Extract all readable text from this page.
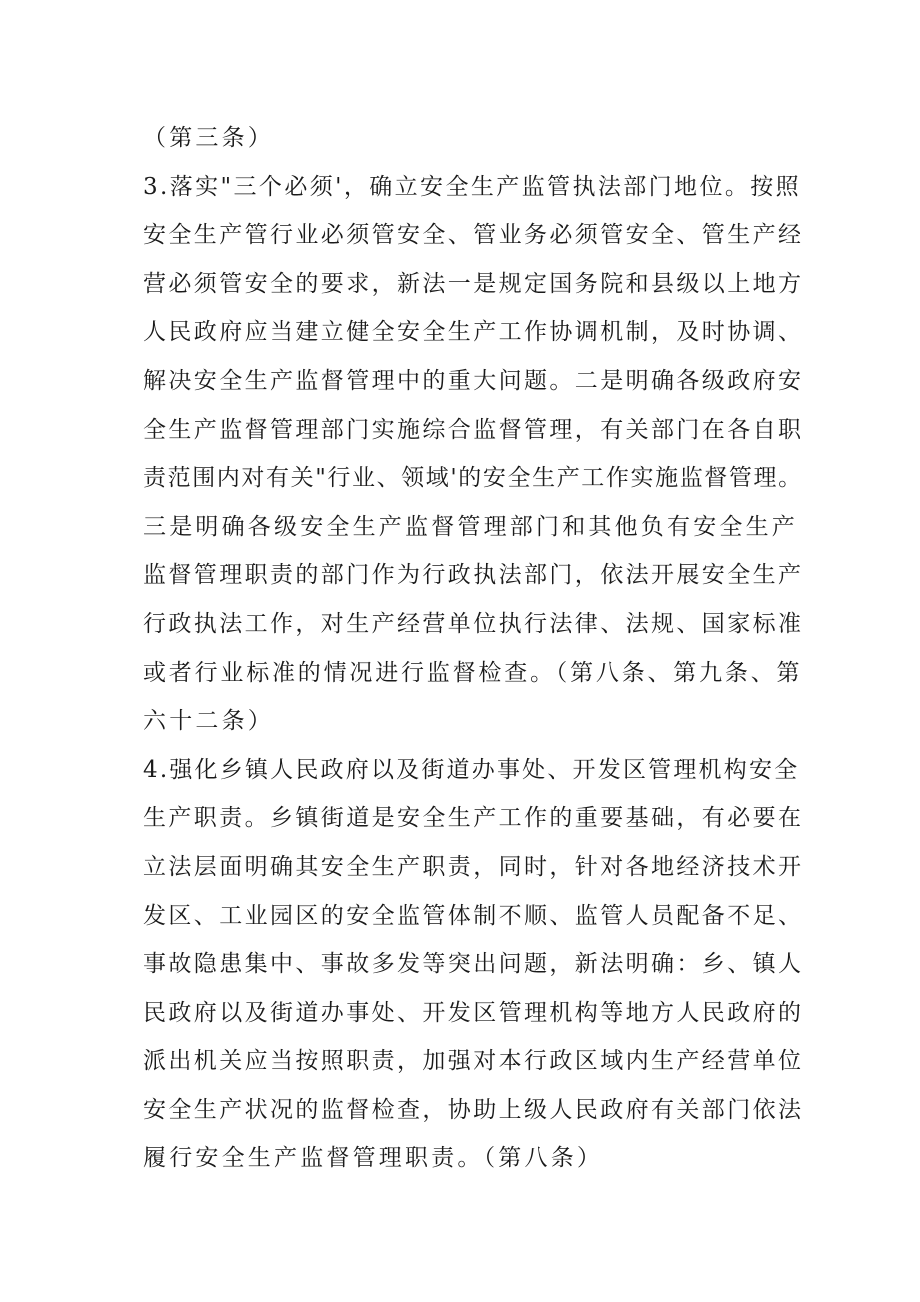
（第三条）
3.落实"三个必须'，确立安全生产监管执法部门地位。按照
安全生产管行业必须管安全、管业务必须管安全、管生产经
营必须管安全的要求，新法一是规定国务院和县级以上地方
人民政府应当建立健全安全生产工作协调机制，及时协调、
解决安全生产监督管理中的重大问题。二是明确各级政府安
全生产监督管理部门实施综合监督管理，有关部门在各自职
责范围内对有关"行业、领域'的安全生产工作实施监督管理。
三是明确各级安全生产监督管理部门和其他负有安全生产
监督管理职责的部门作为行政执法部门，依法开展安全生产
行政执法工作，对生产经营单位执行法律、法规、国家标准
或者行业标准的情况进行监督检查。（第八条、第九条、第
六十二条）
4.强化乡镇人民政府以及街道办事处、开发区管理机构安全
生产职责。乡镇街道是安全生产工作的重要基础，有必要在
立法层面明确其安全生产职责，同时，针对各地经济技术开
发区、工业园区的安全监管体制不顺、监管人员配备不足、
事故隐患集中、事故多发等突出问题，新法明确：乡、镇人
民政府以及街道办事处、开发区管理机构等地方人民政府的
派出机关应当按照职责，加强对本行政区域内生产经营单位
安全生产状况的监督检查，协助上级人民政府有关部门依法
履行安全生产监督管理职责。（第八条）
